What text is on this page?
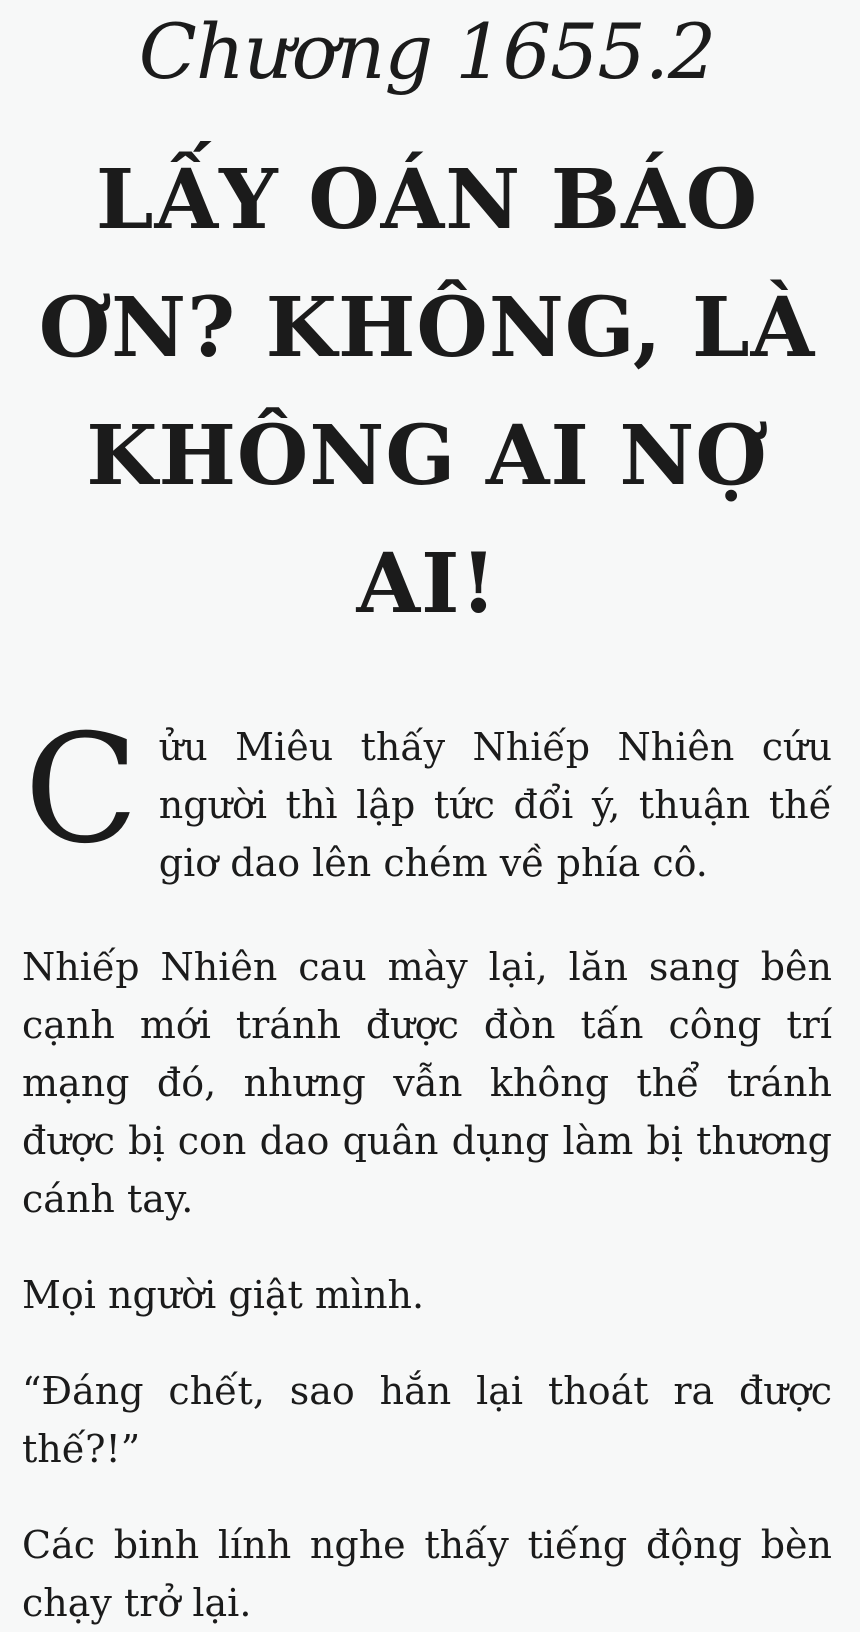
Chương 1655.2
LẤY OÁN BÁO ƠN? KHÔNG, LÀ KHÔNG AI NỢ AI!

C ửu Miêu thấy Nhiếp Nhiên cứu người thì lập tức đổi ý, thuận thế giơ dao lên chém về phía cô.

Nhiếp Nhiên cau mày lại, lăn sang bên cạnh mới tránh được đòn tấn công trí mạng đó, nhưng vẫn không thể tránh được bị con dao quân dụng làm bị thương cánh tay.

Mọi người giật mình.

“Đáng chết, sao hắn lại thoát ra được thế?!”

Các binh lính nghe thấy tiếng động bèn chạy trở lại.
